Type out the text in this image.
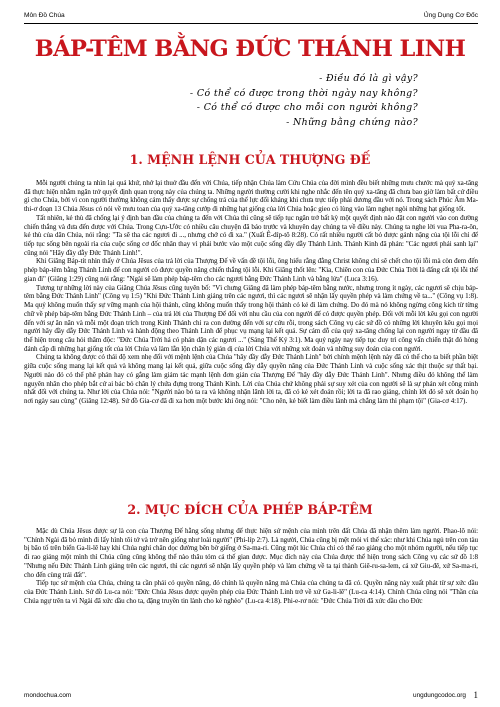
Môn Đồ Chúa	Ủng Dụng Cơ Đốc
BÁP-TÊM BẰNG ĐỨC THÁNH LINH
- Điều đó là gì vậy?
- Có thể có được trong thời ngày nay không?
- Có thể có được cho mỗi con người không?
- Những bằng chứng nào?
1. MỆNH LỆNH CỦA THƯỢNG ĐẾ

Mỗi người chúng ta nhìn lại quá khứ, nhớ lại thuở đầu đến với Chúa, tiếp nhận Chúa làm Cứu Chúa của đời mình đều biết những mưu chước mà quỷ xa-tăng đã thực hiện nhằm ngăn trở quyết định quan trọng này của chúng ta. Những người thường cười khi nghe nhắc đến tên quỷ xa-tăng đã chưa bao giờ làm bất cứ điều gì cho Chúa, bởi vì con người thường không cảm thấy được sự chống trả của thế lực đối kháng khi chưa trực tiếp phải đương đầu với nó. Trong sách Phúc Âm Ma-thi-ơ đoạn 13 Chúa Jêsus có nói về mưu toan của quỷ xa-tăng cướp đi những hạt giống của lời Chúa hoặc gieo cỏ lùng vào làm nghẹt ngòi những hạt giống tốt.

Tất nhiên, kẻ thù đã chống lại ý định ban đầu của chúng ta đến với Chúa thì cũng sẽ tiếp tục ngăn trở bất kỳ một quyết định nào đặt con người vào con đường chiến thắng và đưa đến được với Chúa. Trong Cựu-Ước có nhiều câu chuyện đã báo trước và khuyên dạy chúng ta về điều này. Chúng ta nghe lời vua Pha-ra-ôn, kẻ thù của dân Chúa, nói rằng: "Ta sẽ tha các ngươi đi ..., nhưng chớ có đi xa." (Xuất Ê-díp-tô 8:28). Có rất nhiều người cất bỏ được gánh nặng của tội lỗi chỉ để tiếp tục sống bên ngoài rìa của cuộc sống cơ đốc nhân thay vì phải bước vào một cuộc sống đầy dẫy Thánh Linh. Thánh Kinh đã phán: "Các ngươi phải sanh lại" cũng nói "Hãy đầy dẫy Đức Thánh Linh!".

Khi Giăng Báp-tít nhìn thấy ở Chúa Jêsus của trả lời của Thượng Đế về vấn đề tội lỗi, ông hiểu rằng đằng Christ không chỉ sẽ chết cho tội lỗi mà còn đem đến phép báp-têm bằng Thánh Linh để con người có được quyền năng chiến thắng tội lỗi. Khi Giăng thốt lên: "Kìa, Chiên con của Đức Chúa Trời là đấng cất tội lỗi thế gian đi" (Giăng 1:29) cũng nói rằng: "Ngài sẽ làm phép báp-têm cho các ngươi bằng Đức Thánh Linh và bằng lửa" (Luca 3:16).

Tương tự những lời này của Giăng Chúa Jêsus cũng tuyên bố: "Vì chưng Giăng đã làm phép báp-têm bằng nước, nhưng trong ít ngày, các ngươi sẽ chịu báp-têm bằng Đức Thánh Linh" (Công vụ 1:5) "Khi Đức Thánh Linh giáng trên các ngươi, thì các ngươi sẽ nhận lấy quyền phép và làm chứng về ta..." (Công vụ 1:8). Ma quỷ không muốn thấy sự vững mạnh của hội thánh, cũng không muốn thấy trong hội thánh có kẻ đi làm chứng. Do đó mà nó không ngừng công kích từ từng chữ về phép báp-têm bằng Đức Thánh Linh – của trả lời của Thượng Đế đối với nhu cầu của con người để có được quyền phép. Đối với mỗi lời kêu gọi con người đến với sự ăn năn và mỗi một đoạn trích trong Kinh Thánh chỉ ra con đường đến với sự cứu rỗi, trong sách Công vụ các sứ đồ có những lời khuyên kêu gọi mọi người hãy đầy dẫy Đức Thánh Linh và hành động theo Thánh Linh để phục vụ mạng lại kết quả. Sự cám dỗ của quỷ xa-tăng chống lại con người ngay từ đầu đã thể hiện trong câu hỏi thâm độc: "Đức Chúa Trời há có phán dặn các ngươi ..." (Sáng Thế Ký 3:1). Ma quỷ ngày nay tiếp tục duy trì công vấn chiến thật đó hòng đánh cắp đi những hạt giống tốt của lời Chúa và làm lẫn lộn chân lý giản dị của lời Chúa với những xét đoán và những suy đoán của con người.

Chúng ta không được có thái độ xem nhẹ đối với mệnh lệnh của Chúa "hãy đầy dẫy Đức Thánh Linh" bởi chính mệnh lệnh này đã có thể cho ta biết phần biệt giữa cuộc sống mang lại kết quả và không mang lại kết quả, giữa cuộc sống đầy dẫy quyền năng của Đức Thánh Linh và cuộc sống xác thịt thuộc sự thất bại. Người nào đó có thể phê phán hay có gắng làm giảm tác mạnh lệnh đơn giản của Thượng Đế "hãy đầy dẫy Đức Thánh Linh". Nhưng điều đó không thể làm nguyên nhân cho phép bắt cứ ai bác bỏ chân lý chứa đựng trong Thánh Kinh. Lời của Chúa chứ không phải sự suy xét của con người sẽ là sự phán xét công minh nhất đối với chúng ta. Như lời của Chúa nói: "Người nào bỏ ta ra và không nhận lãnh lời ta, đã có kẻ xét đoán rồi; lời ta đã rao giảng, chính lời đó sẽ xét đoán họ nơi ngày sau cùng" (Giăng 12:48). Sứ đồ Gia-cơ đã đi xa hơn một bước khi ông nói: "Cho nên, kẻ biết làm điều lành mà chẳng làm thì phạm tội" (Gia-cơ 4:17).

2. MỤC ĐÍCH CỦA PHÉP BÁP-TÊM

Mặc dù Chúa Jêsus được sự là con của Thượng Đế hằng sống nhưng để thực hiện sứ mệnh của mình trên đất Chúa đã nhận thêm làm người. Phao-lô nói: "Chính Ngài đã bỏ mình đi lấy hình tôi tớ và trở nên giống như loài người" (Phi-líp 2:7). Là người, Chúa cũng bị mệt mỏi vì thế xác: như khi Chúa ngủ trên con tàu bị bão tố trên biển Ga-li-lê hay khi Chúa nghỉ chân dọc đường bên bờ giếng ở Sa-ma-ri. Cũng một lúc Chúa chỉ có thể rao giảng cho một nhóm người, nếu tiếp tục đi rao giảng một mình thì Chúa cũng cũng không thể nào thâu tóm cả thế gian được. Mục đích này của Chúa được thể hiện trong sách Công vụ các sứ đồ 1:8 "Nhưng nếu Đức Thánh Linh giáng trên các ngươi, thì các ngươi sẽ nhận lấy quyền phép và làm chứng về ta tại thành Giê-ru-sa-lem, cả xứ Giu-đê, xứ Sa-ma-ri, cho đến cùng trái đất".

Tiếp tục sứ mệnh của Chúa, chúng ta cần phải có quyền năng, đó chính là quyền năng mà Chúa của chúng ta đã có. Quyền năng này xuất phát từ sự xức dầu của Đức Thánh Linh. Sứ đồ Lu-ca nói: "Đức Chúa Jêsus được quyền phép của Đức Thánh Linh trở về xứ Ga-li-lê" (Lu-ca 4:14). Chính Chúa cũng nói "Thần của Chúa ngự trên ta vì Ngài đã xức dầu cho ta, đặng truyền tin lành cho kẻ nghèo" (Lu-ca 4:18). Phi-e-rơ nói: "Đức Chúa Trời đã xức dầu cho Đức

mondochua.com	ungdungcodoc.org 1
